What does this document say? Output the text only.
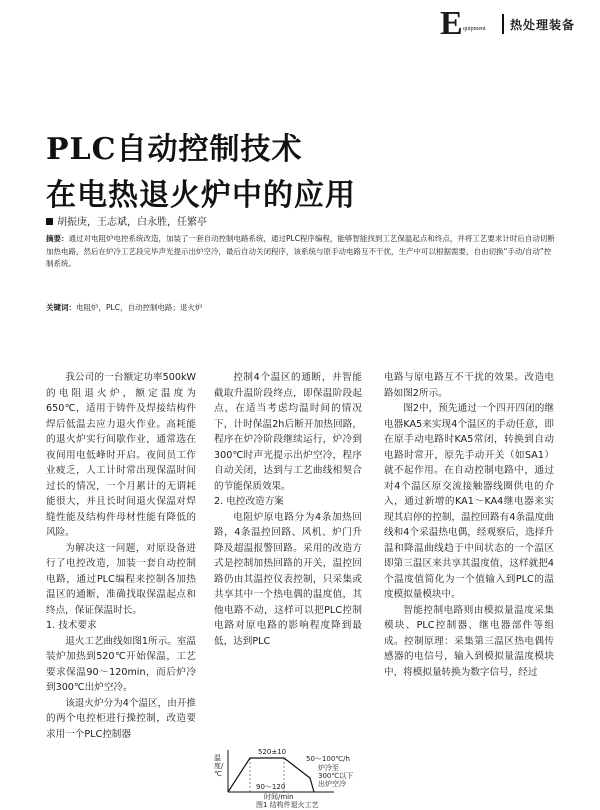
E quipment 热处理装备
PLC自动控制技术
在电热退火炉中的应用
胡振庚，王志斌，白永胜，任繁亭
摘要：通过对电阻炉电控系统改造，加装了一套自动控制电路系统，通过PLC程序编程，能够智能找到工艺保温起点和终点，并将工艺要求计时后自动切断加热电路，然后在炉冷工艺段完毕声光提示出炉空冷，最后自动关闭程序，该系统与原手动电路互不干扰，生产中可以根据需要，自由切换“手动/自动”控制系统。
关键词：电阻炉，PLC，自动控制电路；退火炉

我公司的一台额定功率500kW的电阻退火炉，额定温度为650℃，适用于铸件及焊接结构件焊后低温去应力退火作业。高耗能的退火炉实行间歇作业，通常选在夜间用电低峰时开启。夜间员工作业疲乏，人工计时常出现保温时间过长的情况，一个月累计的无谓耗能很大，并且长时间退火保温对焊缝性能及结构件母材性能有降低的风险。

为解决这一问题，对原设备进行了电控改造，加装一套自动控制电路，通过PLC编程来控制各加热温区的通断，准确找取保温起点和终点，保证保温时长。

1. 技术要求

退火工艺曲线如图1所示。室温装炉加热到520℃开始保温，工艺要求保温90～120min，而后炉冷到300℃出炉空冷。

该退火炉分为4个温区，由开推的两个电控柜进行操控制，改造要求用一个PLC控制器

控制4个温区的通断，并智能截取升温阶段终点，即保温阶段起点，在适当考虑均温时间的情况下，计时保温2h后断开加热回路，程序在炉冷阶段继续运行，炉冷到300℃时声光提示出炉空冷，程序自动关闭，达到与工艺曲线相契合的节能保质效果。

2. 电控改造方案

电阻炉原电路分为4条加热回路，4条温控回路、风机、炉门升降及超温报警回路。采用的改造方式是控制加热回路的开关，温控回路仍由其温控仪表控制，只采集或共享其中一个热电偶的温度值，其他电路不动，这样可以把PLC控制电路对原电路的影响程度降到最低，达到PLC

520±10
50～100℃/h
炉冷至300℃以下出炉空冷
90～120
温度/℃
时间/min
图1 结构件退火工艺

电路与原电路互不干扰的效果。改造电路如图2所示。

图2中，预先通过一个四开四闭的继电器KA5来实现4个温区的手动任意，即在原手动电路时KA5常闭，转换到自动电路时常开，原先手动开关（如SA1）就不起作用。在自动控制电路中，通过对4个温区原交流接触器线圈供电的介入，通过新增的KA1～KA4继电器来实现其启停的控制，温控回路有4条温度曲线和4个采温热电偶，经观察后，选择升温和降温曲线趋于中间状态的一个温区即第三温区来共享其温度值，这样就把4个温度值简化为一个值输入到PLC的温度模拟量模块中。

智能控制电路则由模拟量温度采集模块、PLC控制器、继电器部件等组成。控制原理：采集第三温区热电偶传感器的电信号，输入到模拟量温度模块中，将模拟量转换为数字信号，经过
